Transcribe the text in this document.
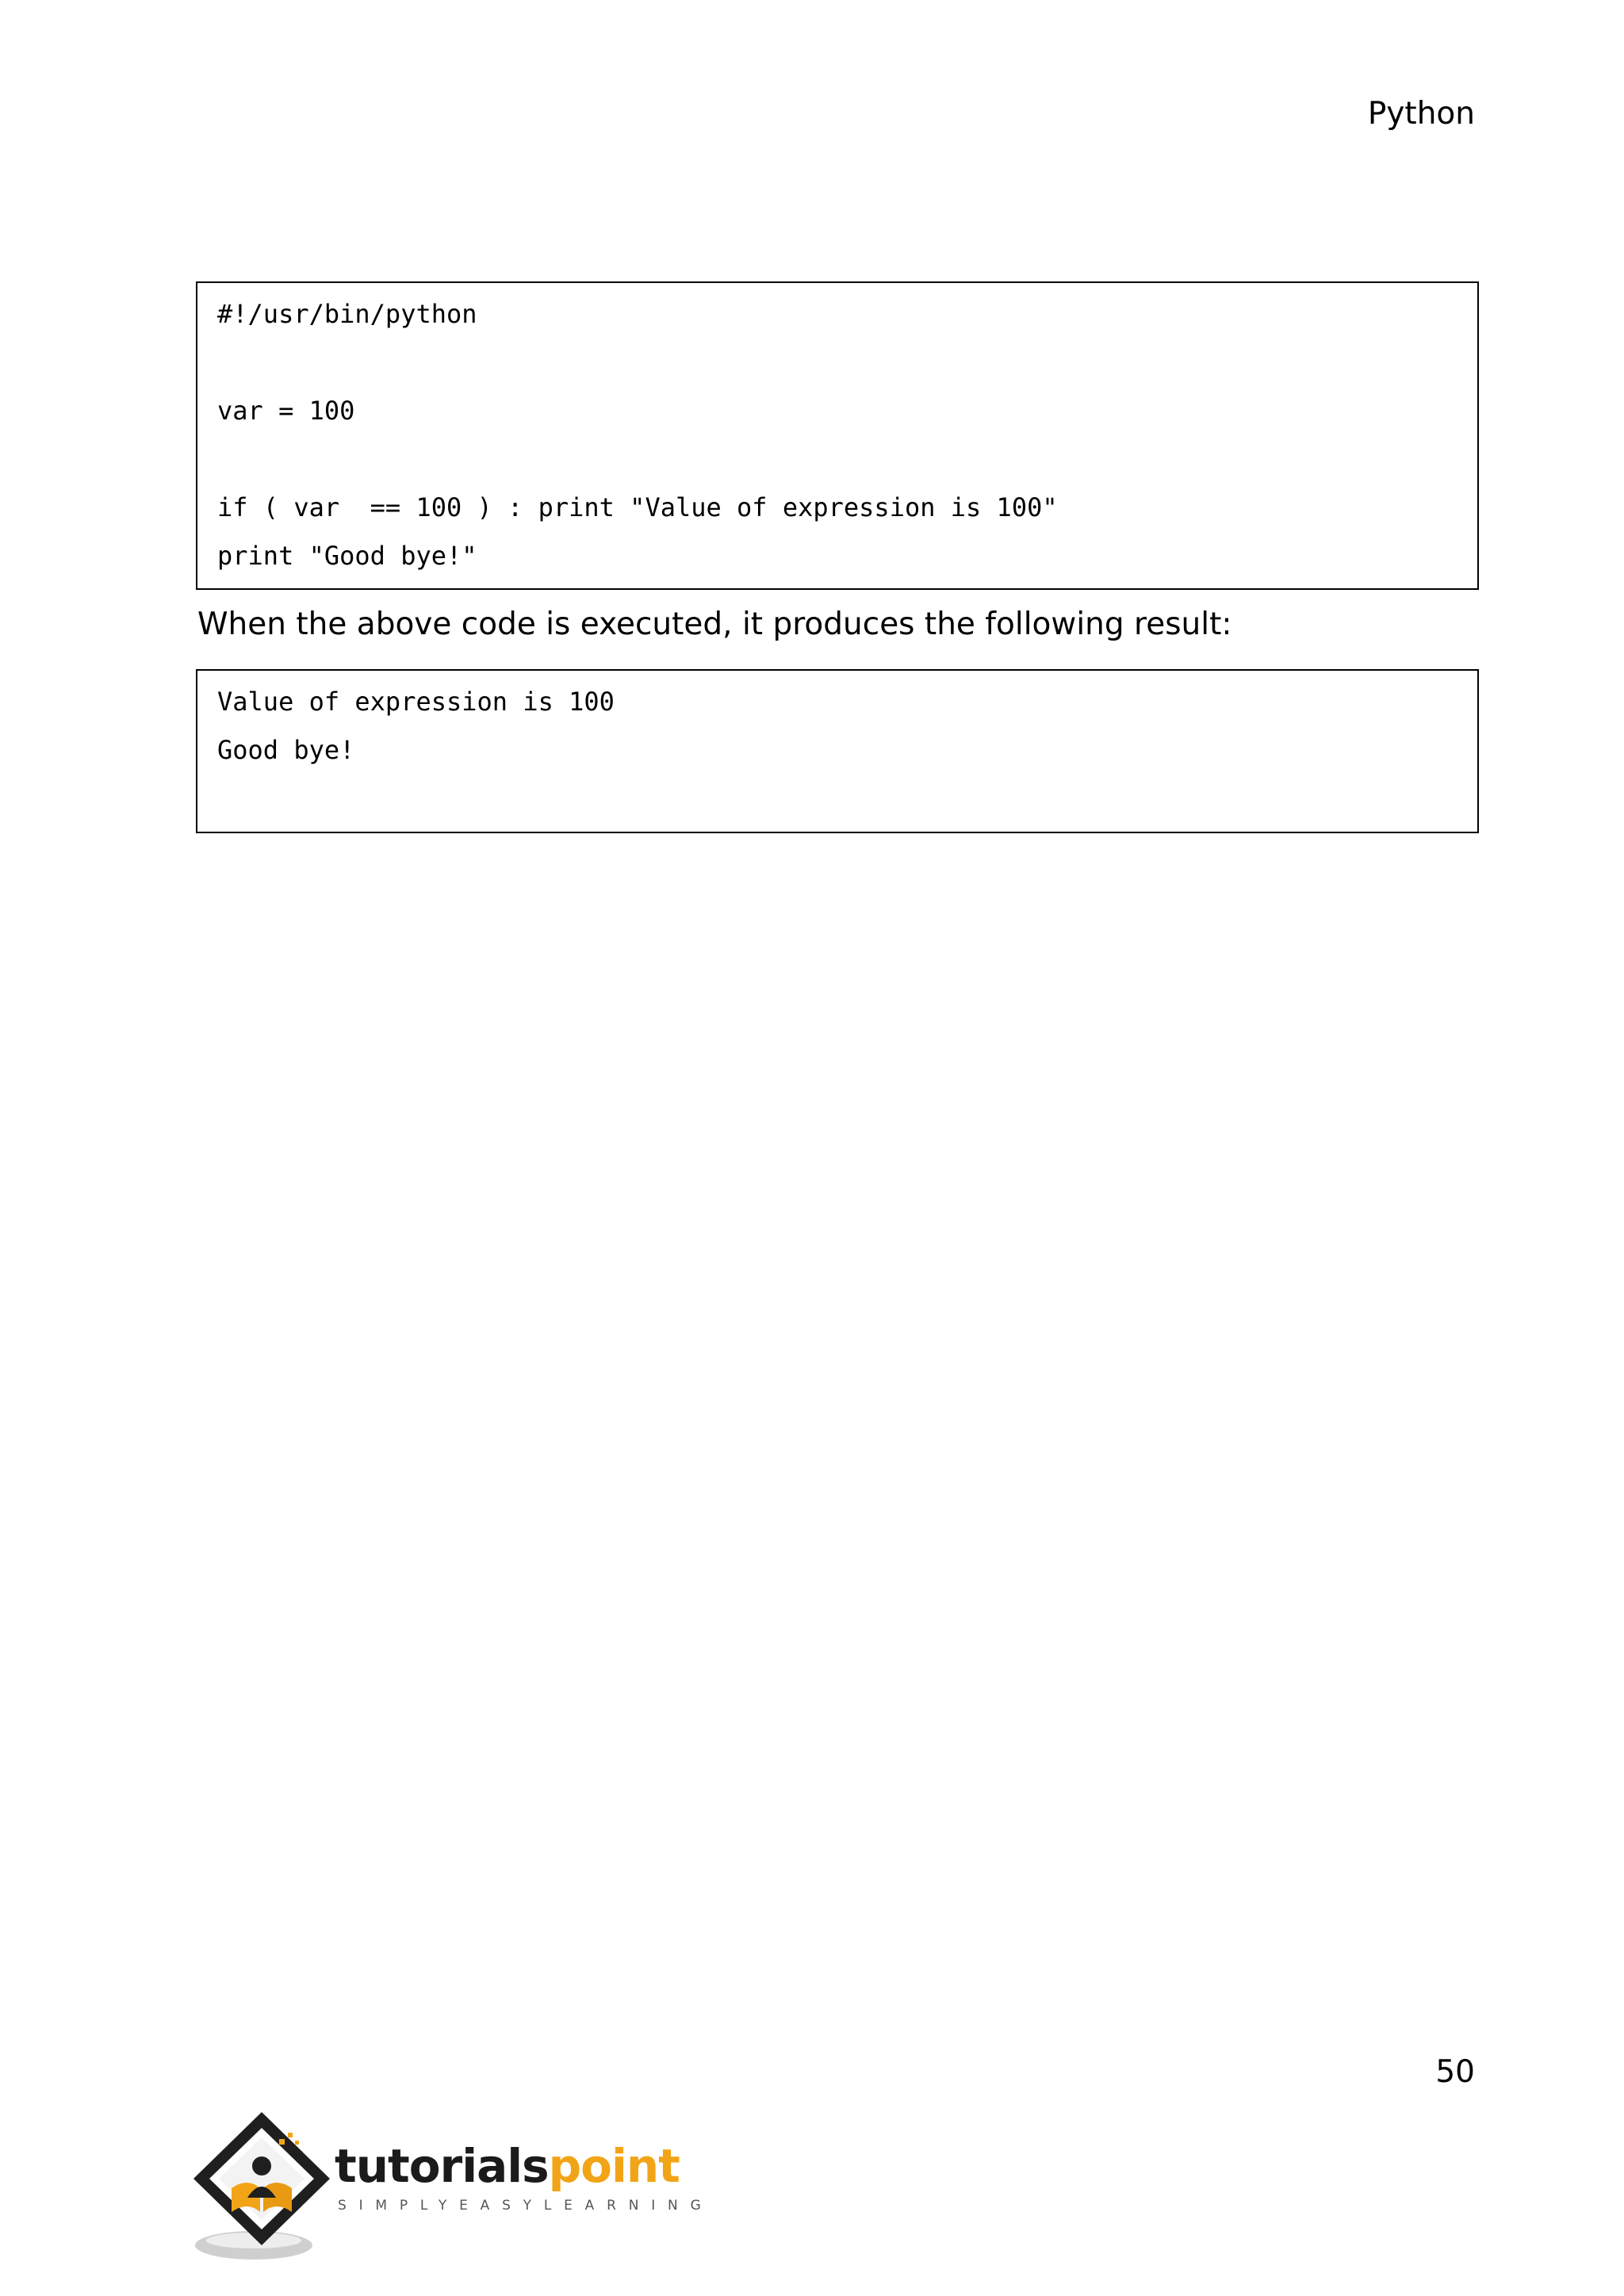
Python
#!/usr/bin/python
var = 100
if ( var  == 100 ) : print "Value of expression is 100"
print "Good bye!"
When the above code is executed, it produces the following result:
Value of expression is 100
Good bye!
50
tutorialspoint
SIMPLYEASYLEARNING
